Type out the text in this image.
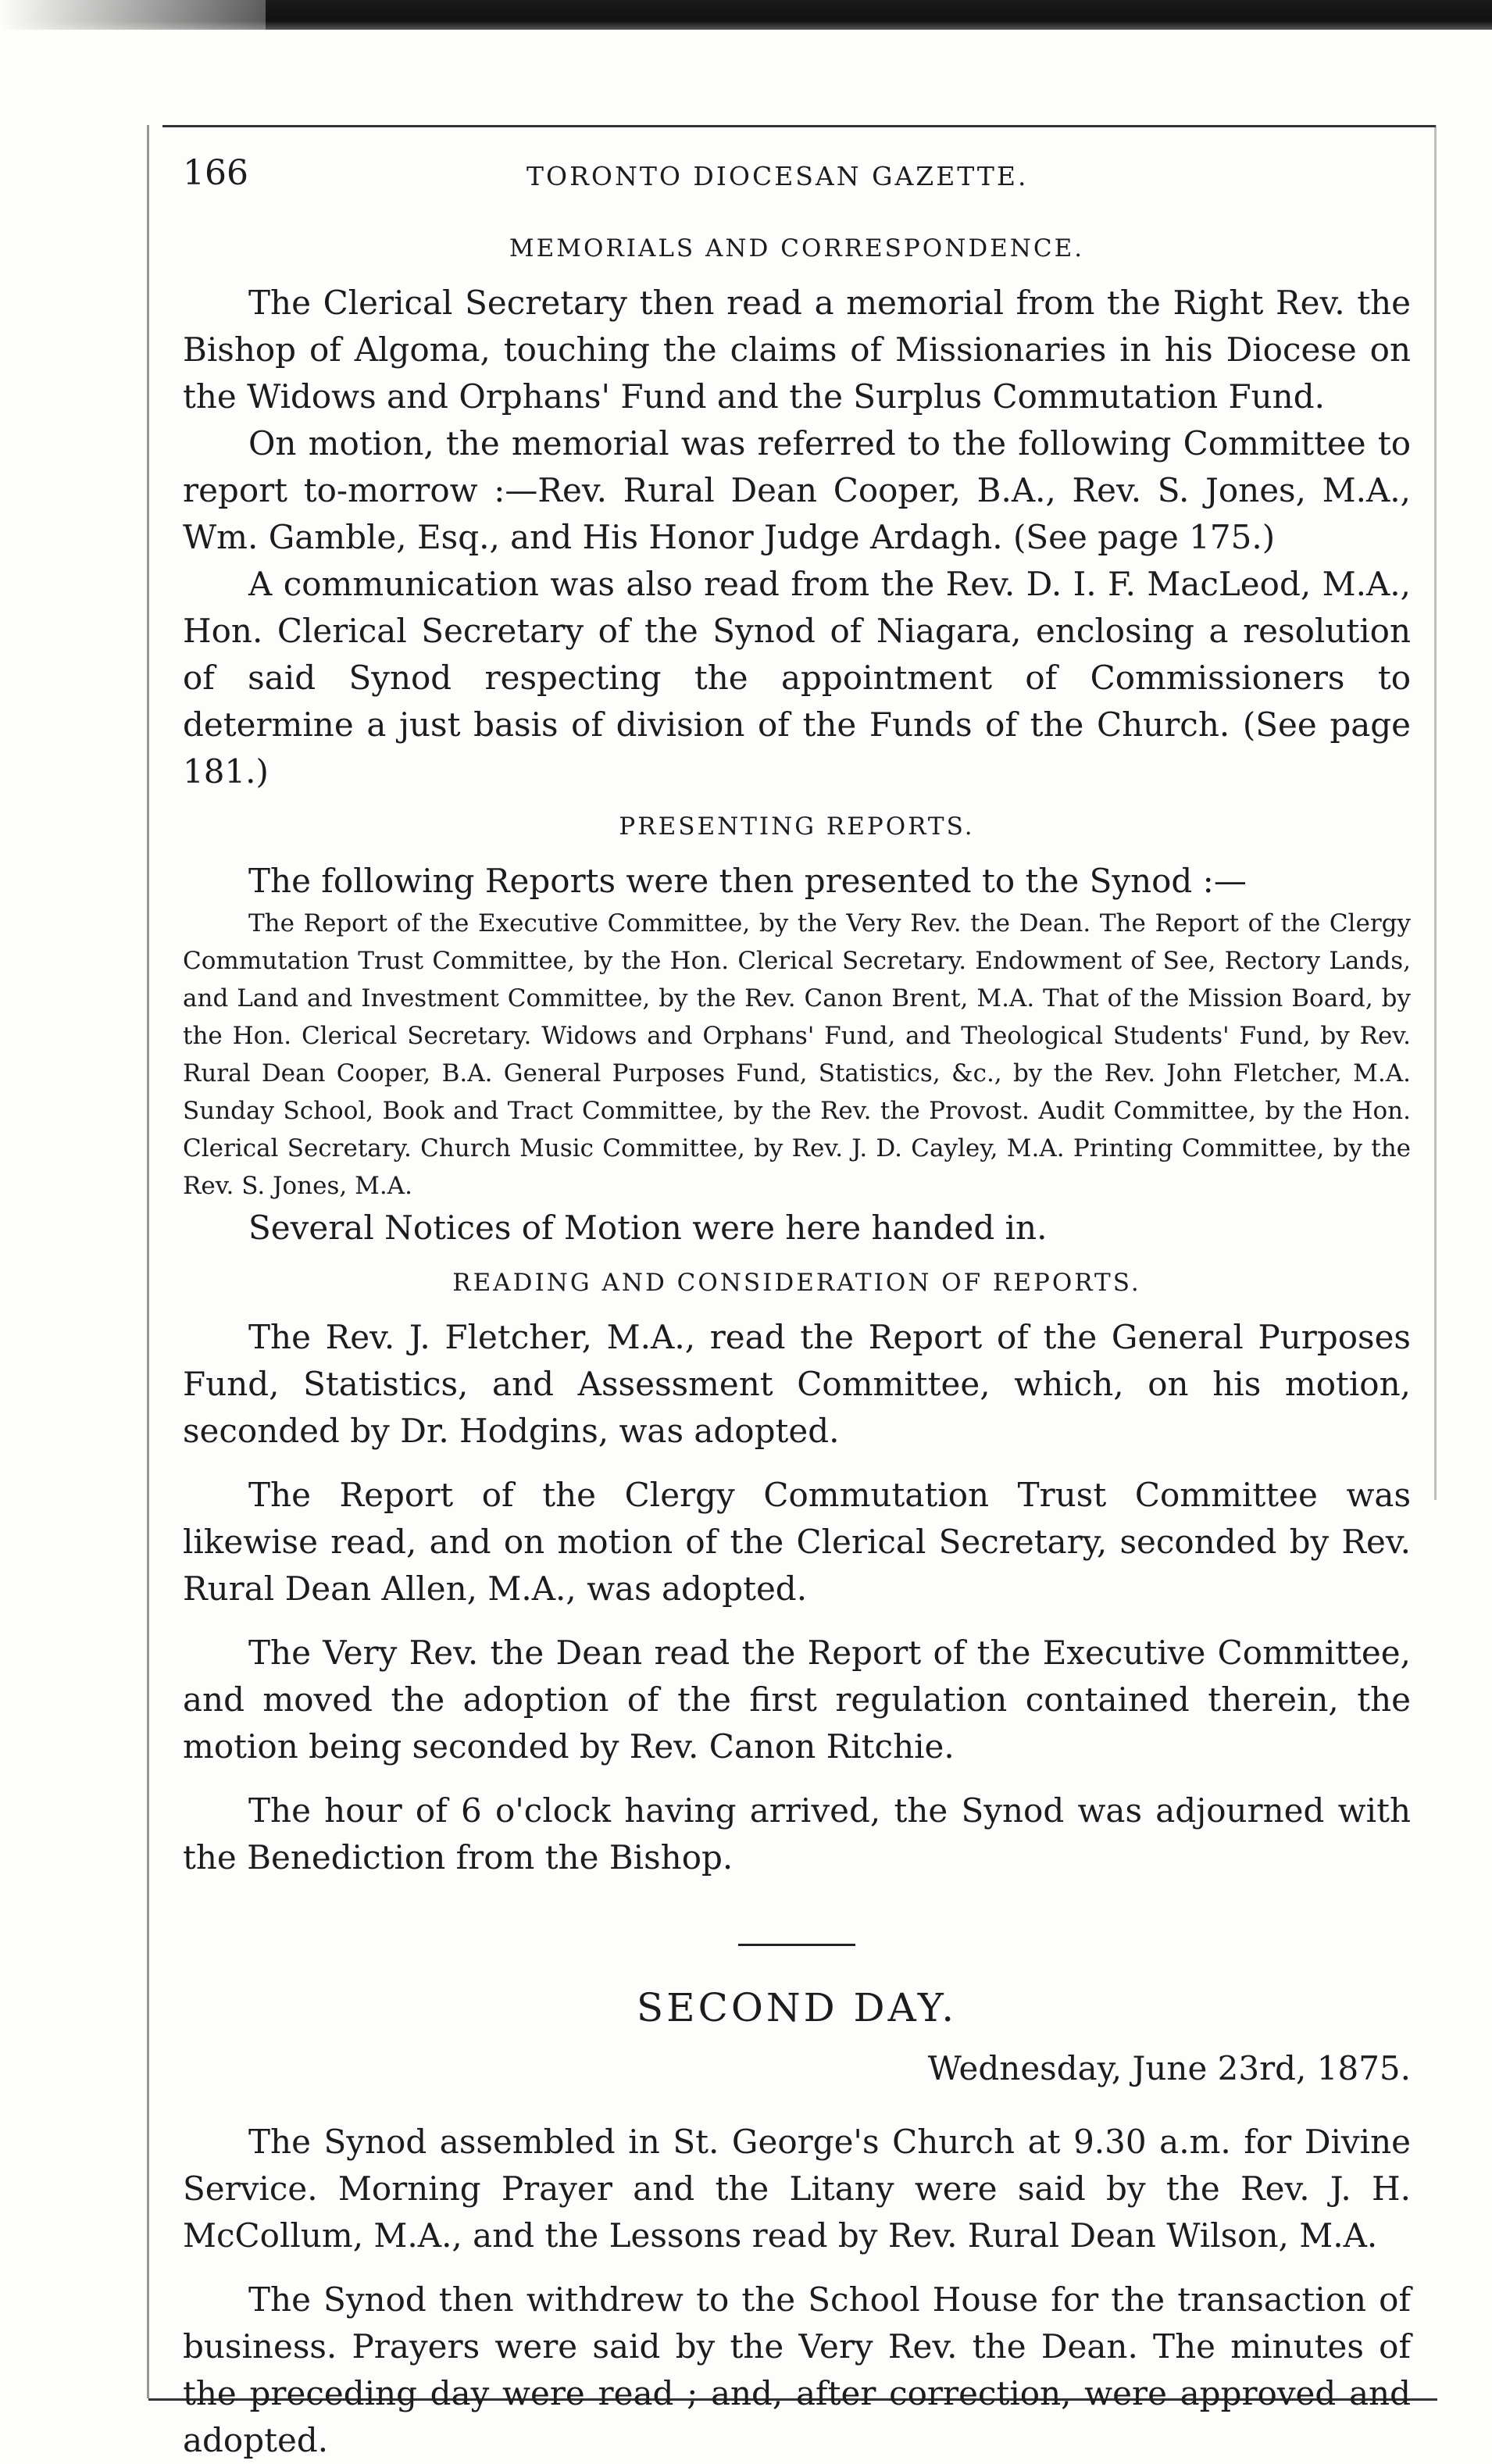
166	TORONTO DIOCESAN GAZETTE.
MEMORIALS AND CORRESPONDENCE.

The Clerical Secretary then read a memorial from the Right Rev. the Bishop of Algoma, touching the claims of Missionaries in his Diocese on the Widows and Orphans' Fund and the Surplus Commutation Fund.

On motion, the memorial was referred to the following Committee to report to-morrow :—Rev. Rural Dean Cooper, B.A., Rev. S. Jones, M.A., Wm. Gamble, Esq., and His Honor Judge Ardagh. (See page 175.)

A communication was also read from the Rev. D. I. F. MacLeod, M.A., Hon. Clerical Secretary of the Synod of Niagara, enclosing a resolution of said Synod respecting the appointment of Commissioners to determine a just basis of division of the Funds of the Church. (See page 181.)

PRESENTING REPORTS.

The following Reports were then presented to the Synod :—

The Report of the Executive Committee, by the Very Rev. the Dean. The Report of the Clergy Commutation Trust Committee, by the Hon. Clerical Secretary. Endowment of See, Rectory Lands, and Land and Investment Committee, by the Rev. Canon Brent, M.A. That of the Mission Board, by the Hon. Clerical Secretary. Widows and Orphans' Fund, and Theological Students' Fund, by Rev. Rural Dean Cooper, B.A. General Purposes Fund, Statistics, &c., by the Rev. John Fletcher, M.A. Sunday School, Book and Tract Committee, by the Rev. the Provost. Audit Committee, by the Hon. Clerical Secretary. Church Music Committee, by Rev. J. D. Cayley, M.A. Printing Committee, by the Rev. S. Jones, M.A.

Several Notices of Motion were here handed in.

READING AND CONSIDERATION OF REPORTS.

The Rev. J. Fletcher, M.A., read the Report of the General Purposes Fund, Statistics, and Assessment Committee, which, on his motion, seconded by Dr. Hodgins, was adopted.

The Report of the Clergy Commutation Trust Committee was likewise read, and on motion of the Clerical Secretary, seconded by Rev. Rural Dean Allen, M.A., was adopted.

The Very Rev. the Dean read the Report of the Executive Committee, and moved the adoption of the first regulation contained therein, the motion being seconded by Rev. Canon Ritchie.

The hour of 6 o'clock having arrived, the Synod was adjourned with the Benediction from the Bishop.

SECOND DAY.
Wednesday, June 23rd, 1875.

The Synod assembled in St. George's Church at 9.30 a.m. for Divine Service. Morning Prayer and the Litany were said by the Rev. J. H. McCollum, M.A., and the Lessons read by Rev. Rural Dean Wilson, M.A.

The Synod then withdrew to the School House for the transaction of business. Prayers were said by the Very Rev. the Dean. The minutes of the preceding day were read ; and, after correction, were approved and adopted.
